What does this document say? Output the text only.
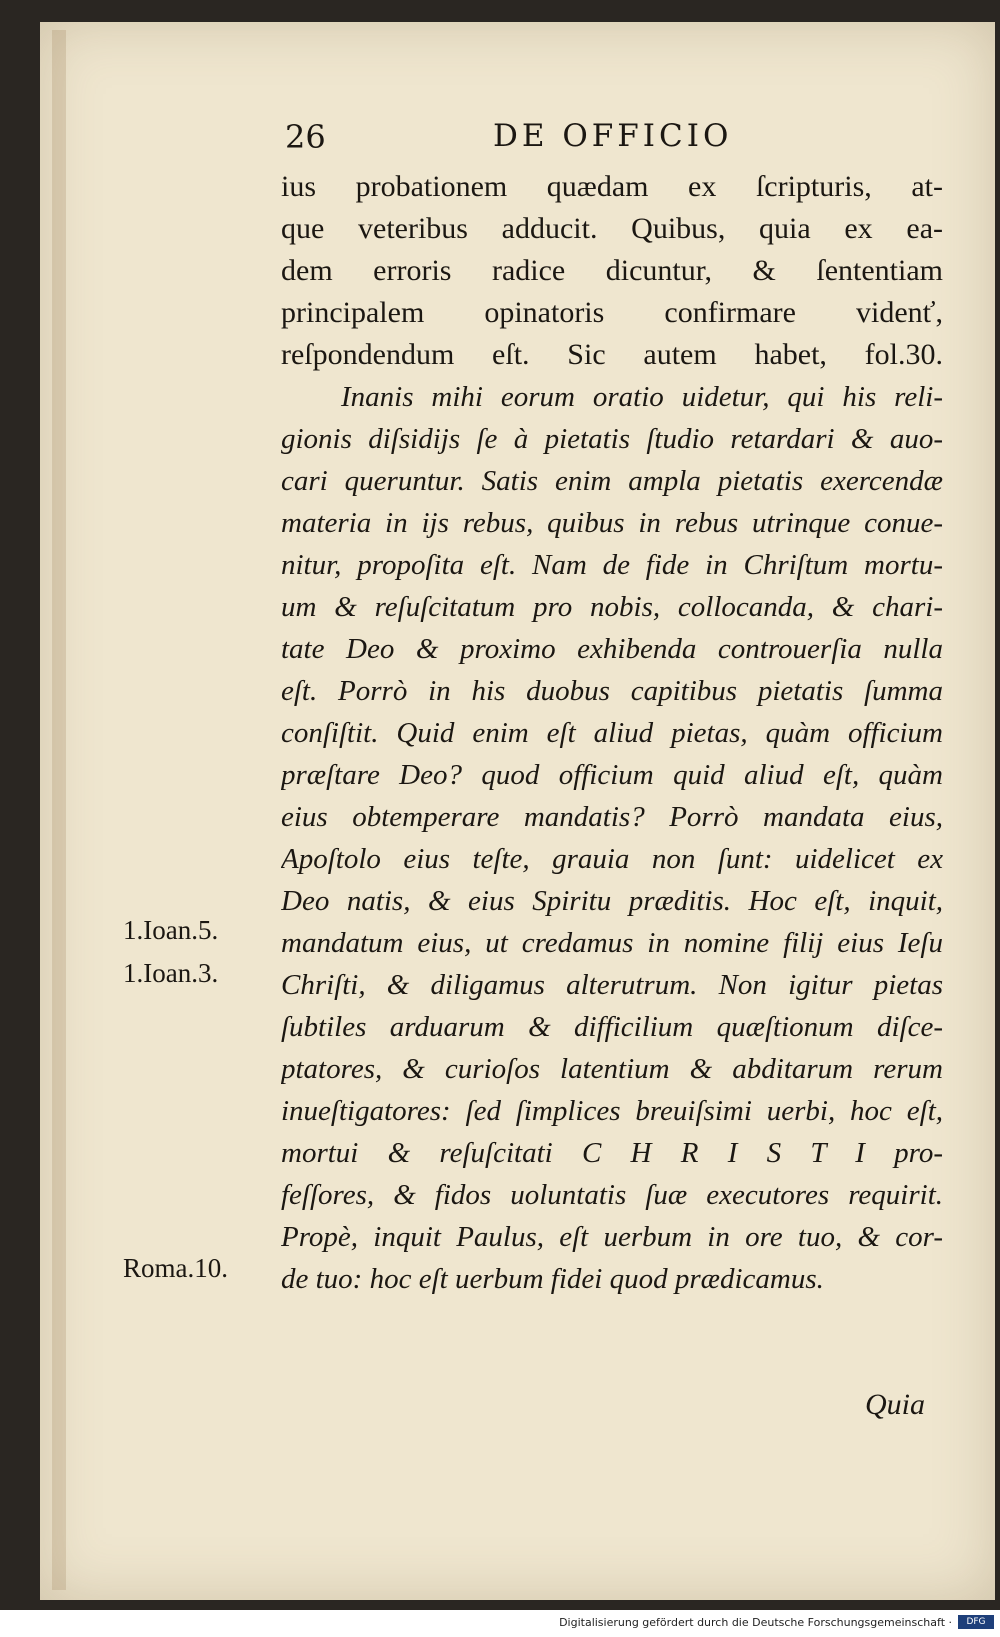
26	DE OFFICIO
ius probationem quædam ex ſcripturis, at-
que veteribus adducit. Quibus, quia ex ea-
dem erroris radice dicuntur, & ſententiam
principalem opinatoris confirmare videnť,
reſpondendum eſt. Sic autem habet, fol.30.
Inanis mihi eorum oratio uidetur, qui his reli-
gionis diſsidijs ſe à pietatis ſtudio retardari & auo-
cari queruntur. Satis enim ampla pietatis exercendæ
materia in ijs rebus, quibus in rebus utrinque conue-
nitur, propoſita eſt. Nam de fide in Chriſtum mortu-
um & reſuſcitatum pro nobis, collocanda, & chari-
tate Deo & proximo exhibenda controuerſia nulla
eſt. Porrò in his duobus capitibus pietatis ſumma
conſiſtit. Quid enim eſt aliud pietas, quàm officium
præſtare Deo? quod officium quid aliud eſt, quàm
eius obtemperare mandatis? Porrò mandata eius,
Apoſtolo eius teſte, grauia non ſunt: uidelicet ex
Deo natis, & eius Spiritu præditis. Hoc eſt, inquit,
mandatum eius, ut credamus in nomine filij eius Ieſu
Chriſti, & diligamus alterutrum. Non igitur pietas
ſubtiles arduarum & difficilium quæſtionum diſce-
ptatores, & curioſos latentium & abditarum rerum
inueſtigatores: ſed ſimplices breuiſsimi uerbi, hoc eſt,
mortui & reſuſcitati C H R I S T I pro-
feſſores, & fidos uoluntatis ſuæ executores requirit.
Propè, inquit Paulus, eſt uerbum in ore tuo, & cor-
de tuo: hoc eſt uerbum fidei quod prædicamus.
Quia
1.Ioan.5.
1.Ioan.3.
Roma.10.
Digitalisierung gefördert durch die Deutsche Forschungsgemeinschaft ·	DFG
